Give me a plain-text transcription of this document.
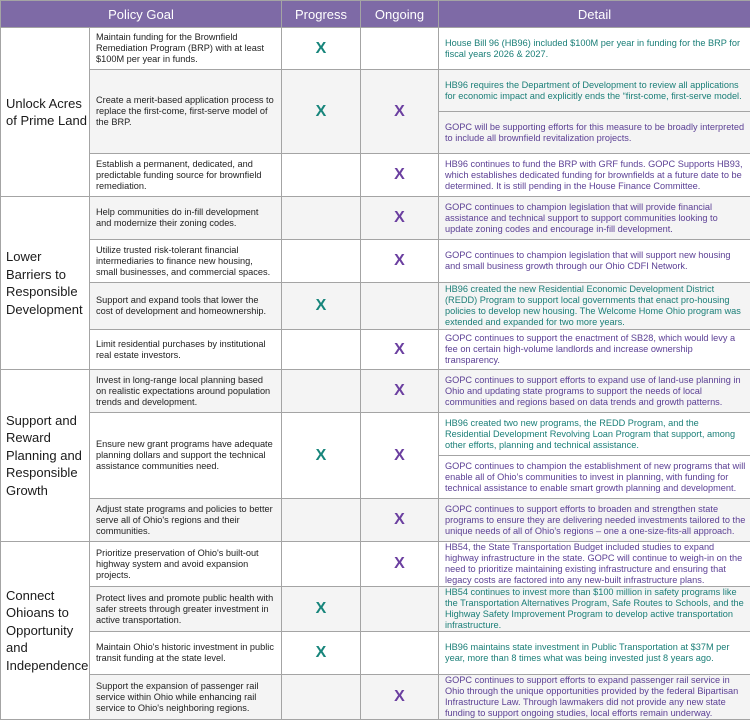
Policy Goal		Progress	Ongoing	Detail
Unlock Acres of Prime Land	Maintain funding for the Brownfield Remediation Program (BRP) with at least $100M per year in funds.	X		House Bill 96 (HB96) included $100M per year in funding for the BRP for fiscal years 2026 & 2027.
	Create a merit-based application process to replace the first-come, first-serve model of the BRP.	X	X	HB96 requires the Department of Development to review all applications for economic impact and explicitly ends the “first-come, first-serve model.
				GOPC will be supporting efforts for this measure to be broadly interpreted to include all brownfield revitalization projects.
	Establish a permanent, dedicated, and predictable funding source for brownfield remediation.		X	HB96 continues to fund the BRP with GRF funds. GOPC Supports HB93, which establishes dedicated funding for brownfields at a future date to be determined. It is still pending in the House Finance Committee.
Lower Barriers to Responsible Development	Help communities do in-fill development and modernize their zoning codes.		X	GOPC continues to champion legislation that will provide financial assistance and technical support to support communities looking to update zoning codes and encourage in-fill development.
	Utilize trusted risk-tolerant financial intermediaries to finance new housing, small businesses, and commercial spaces.		X	GOPC continues to champion legislation that will support new housing and small business growth through our Ohio CDFI Network.
	Support and expand tools that lower the cost of development and homeownership.	X		HB96 created the new Residential Economic Development District (REDD) Program to support local governments that enact pro-housing policies to develop new housing. The Welcome Home Ohio program was extended and expanded for two more years.
	Limit residential purchases by institutional real estate investors.		X	GOPC continues to support the enactment of SB28, which would levy a fee on certain high-volume landlords and increase ownership transparency.
Support and Reward Planning and Responsible Growth	Invest in long-range local planning based on realistic expectations around population trends and development.		X	GOPC continues to support efforts to expand use of land-use planning in Ohio and updating state programs to support the needs of local communities and regions based on data trends and growth patterns.
	Ensure new grant programs have adequate planning dollars and support the technical assistance communities need.	X	X	HB96 created two new programs, the REDD Program, and the Residential Development Revolving Loan Program that support, among other efforts, planning and technical assistance.
				GOPC continues to champion the establishment of new programs that will enable all of Ohio’s communities to invest in planning, with funding for technical assistance to enable smart growth planning and development.
	Adjust state programs and policies to better serve all of Ohio's regions and their communities.		X	GOPC continues to support efforts to broaden and strengthen state programs to ensure they are delivering needed investments tailored to the unique needs of all of Ohio’s regions – one a one-size-fits-all approach.
Connect Ohioans to Opportunity and Independence	Prioritize preservation of Ohio's built-out highway system and avoid expansion projects.		X	HB54, the State Transportation Budget included studies to expand highway infrastructure in the state. GOPC will continue to weigh-in on the need to prioritize maintaining existing infrastructure and ensuring that legacy costs are factored into any new-built infrastructure plans.
	Protect lives and promote public health with safer streets through greater investment in active transportation.	X		HB54 continues to invest more than $100 million in safety programs like the Transportation Alternatives Program, Safe Routes to Schools, and the Highway Safety Improvement Program to develop active transportation infrastructure.
	Maintain Ohio's historic investment in public transit funding at the state level.	X		HB96 maintains state investment in Public Transportation at $37M per year, more than 8 times what was being invested just 8 years ago.
	Support the expansion of passenger rail service within Ohio while enhancing rail service to Ohio's neighboring regions.		X	GOPC continues to support efforts to expand passenger rail service in Ohio through the unique opportunities provided by the federal Bipartisan Infrastructure Law. Through lawmakers did not provide any new state funding to support ongoing studies, local efforts remain underway.
